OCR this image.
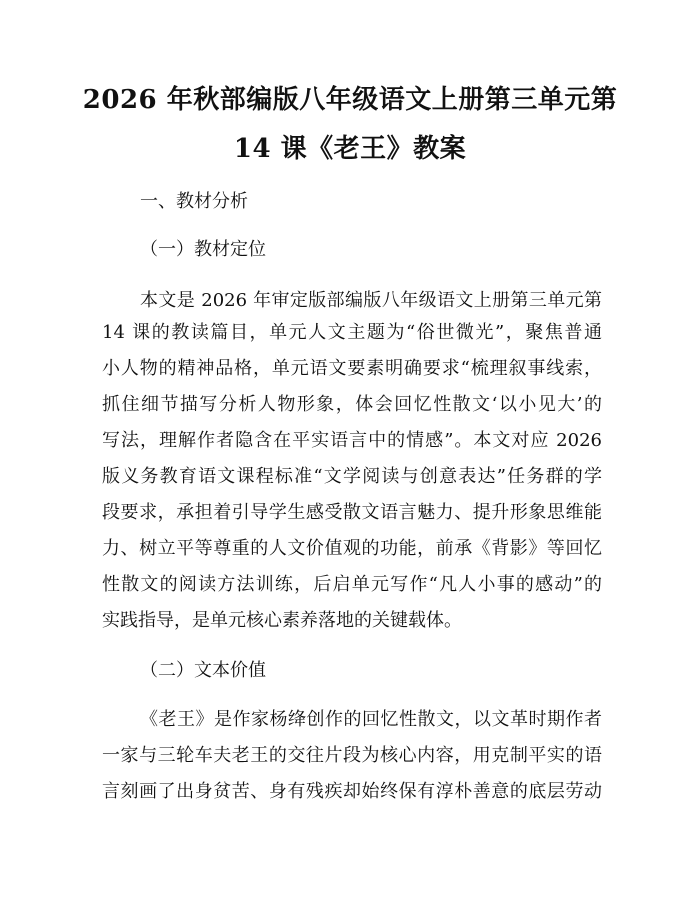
2026 年秋部编版八年级语文上册第三单元第
14 课《老王》教案
一、教材分析
（一）教材定位
本文是 2026 年审定版部编版八年级语文上册第三单元第
14 课的教读篇目，单元人文主题为“俗世微光”，聚焦普通
小人物的精神品格，单元语文要素明确要求“梳理叙事线索，
抓住细节描写分析人物形象，体会回忆性散文‘以小见大’的
写法，理解作者隐含在平实语言中的情感”。本文对应 2026
版义务教育语文课程标准“文学阅读与创意表达”任务群的学
段要求，承担着引导学生感受散文语言魅力、提升形象思维能
力、树立平等尊重的人文价值观的功能，前承《背影》等回忆
性散文的阅读方法训练，后启单元写作“凡人小事的感动”的
实践指导，是单元核心素养落地的关键载体。
（二）文本价值
《老王》是作家杨绛创作的回忆性散文，以文革时期作者
一家与三轮车夫老王的交往片段为核心内容，用克制平实的语
言刻画了出身贫苦、身有残疾却始终保有淳朴善意的底层劳动
